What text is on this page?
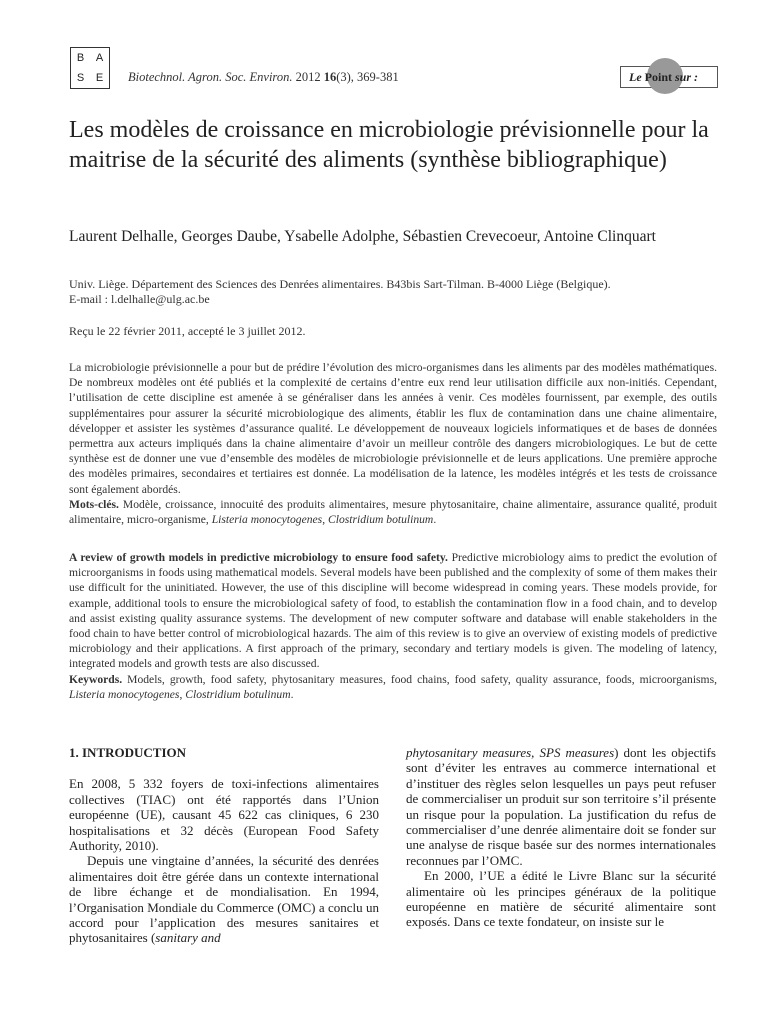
B	A
S	E	Biotechnol. Agron. Soc. Environ. 2012 16(3), 369-381	Le Point sur :
Les modèles de croissance en microbiologie prévisionnelle pour la maitrise de la sécurité des aliments (synthèse bibliographique)
Laurent Delhalle, Georges Daube, Ysabelle Adolphe, Sébastien Crevecoeur, Antoine Clinquart
Univ. Liège. Département des Sciences des Denrées alimentaires. B43bis Sart-Tilman. B-4000 Liège (Belgique).
E-mail : l.delhalle@ulg.ac.be
Reçu le 22 février 2011, accepté le 3 juillet 2012.

La microbiologie prévisionnelle a pour but de prédire l’évolution des micro-organismes dans les aliments par des modèles mathématiques. De nombreux modèles ont été publiés et la complexité de certains d’entre eux rend leur utilisation difficile aux non-initiés. Cependant, l’utilisation de cette discipline est amenée à se généraliser dans les années à venir. Ces modèles fournissent, par exemple, des outils supplémentaires pour assurer la sécurité microbiologique des aliments, établir les flux de contamination dans une chaine alimentaire, développer et assister les systèmes d’assurance qualité. Le développement de nouveaux logiciels informatiques et de bases de données permettra aux acteurs impliqués dans la chaine alimentaire d’avoir un meilleur contrôle des dangers microbiologiques. Le but de cette synthèse est de donner une vue d’ensemble des modèles de microbiologie prévisionnelle et de leurs applications. Une première approche des modèles primaires, secondaires et tertiaires est donnée. La modélisation de la latence, les modèles intégrés et les tests de croissance sont également abordés.

Mots-clés. Modèle, croissance, innocuité des produits alimentaires, mesure phytosanitaire, chaine alimentaire, assurance qualité, produit alimentaire, micro-organisme, Listeria monocytogenes, Clostridium botulinum.

A review of growth models in predictive microbiology to ensure food safety. Predictive microbiology aims to predict the evolution of microorganisms in foods using mathematical models. Several models have been published and the complexity of some of them makes their use difficult for the uninitiated. However, the use of this discipline will become widespread in coming years. These models provide, for example, additional tools to ensure the microbiological safety of food, to establish the contamination flow in a food chain, and to develop and assist existing quality assurance systems. The development of new computer software and database will enable stakeholders in the food chain to have better control of microbiological hazards. The aim of this review is to give an overview of existing models of predictive microbiology and their applications. A first approach of the primary, secondary and tertiary models is given. The modeling of latency, integrated models and growth tests are also discussed.

Keywords. Models, growth, food safety, phytosanitary measures, food chains, food safety, quality assurance, foods, microorganisms, Listeria monocytogenes, Clostridium botulinum.

1. INTRODUCTION

En 2008, 5 332 foyers de toxi-infections alimentaires collectives (TIAC) ont été rapportés dans l’Union européenne (UE), causant 45 622 cas cliniques, 6 230 hospitalisations et 32 décès (European Food Safety Authority, 2010).

Depuis une vingtaine d’années, la sécurité des denrées alimentaires doit être gérée dans un contexte international de libre échange et de mondialisation. En 1994, l’Organisation Mondiale du Commerce (OMC) a conclu un accord pour l’application des mesures sanitaires et phytosanitaires (sanitary and

phytosanitary measures, SPS measures) dont les objectifs sont d’éviter les entraves au commerce international et d’instituer des règles selon lesquelles un pays peut refuser de commercialiser un produit sur son territoire s’il présente un risque pour la population. La justification du refus de commercialiser d’une denrée alimentaire doit se fonder sur une analyse de risque basée sur des normes internationales reconnues par l’OMC.

En 2000, l’UE a édité le Livre Blanc sur la sécurité alimentaire où les principes généraux de la politique européenne en matière de sécurité alimentaire sont exposés. Dans ce texte fondateur, on insiste sur le
